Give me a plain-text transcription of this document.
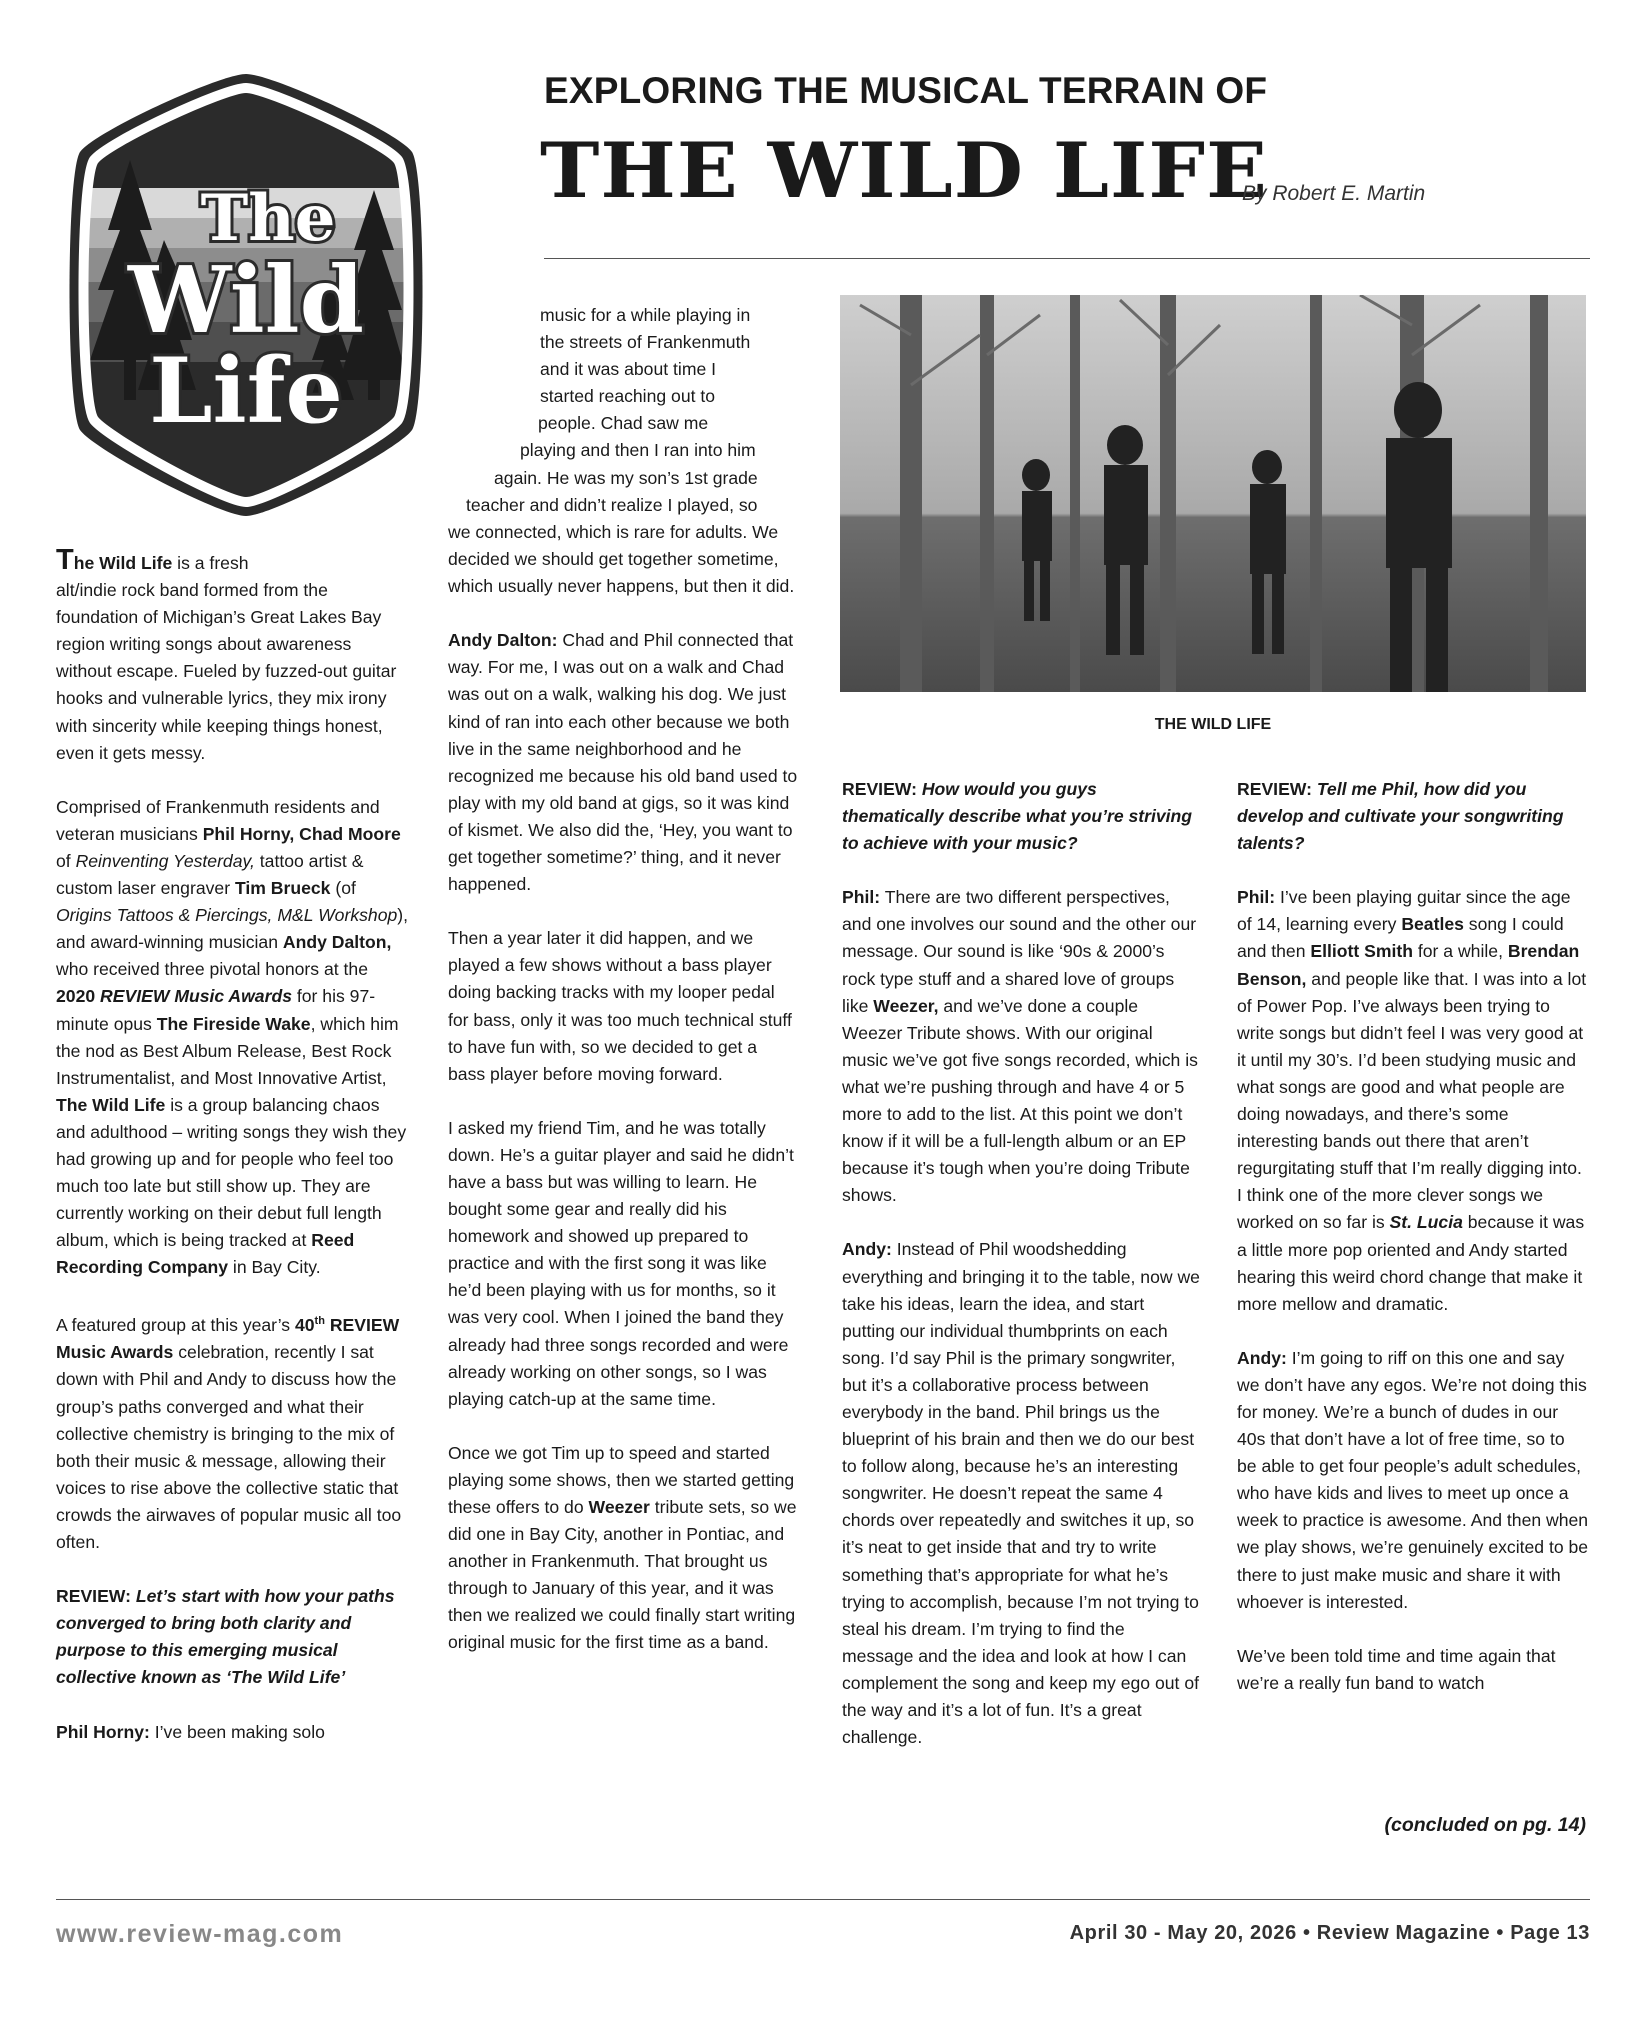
The
Wild
Life
EXPLORING THE MUSICAL TERRAIN OF
THE WILD LIFE
By Robert E. Martin
THE WILD LIFE

The Wild Life is a fresh
alt/indie rock band formed from the foundation of Michigan’s Great Lakes Bay region writing songs about awareness without escape. Fueled by fuzzed-out guitar hooks and vulnerable lyrics, they mix irony with sincerity while keeping things honest, even it gets messy.

Comprised of Frankenmuth residents and veteran musicians Phil Horny, Chad Moore of Reinventing Yesterday, tattoo artist & custom laser engraver Tim Brueck (of Origins Tattoos & Piercings, M&L Workshop), and award-winning musician Andy Dalton, who received three pivotal honors at the 2020 REVIEW Music Awards for his 97-minute opus The Fireside Wake, which him the nod as Best Album Release, Best Rock Instrumentalist, and Most Innovative Artist, The Wild Life is a group balancing chaos and adulthood – writing songs they wish they had growing up and for people who feel too much too late but still show up. They are currently working on their debut full length album, which is being tracked at Reed Recording Company in Bay City.

A featured group at this year’s 40th REVIEW Music Awards celebration, recently I sat down with Phil and Andy to discuss how the group’s paths converged and what their collective chemistry is bringing to the mix of both their music & message, allowing their voices to rise above the collective static that crowds the airwaves of popular music all too often.

REVIEW: Let’s start with how your paths converged to bring both clarity and purpose to this emerging musical collective known as ‘The Wild Life’

Phil Horny: I’ve been making solo

music for a while playing in
the streets of Frankenmuth
and it was about time I
started reaching out to
people. Chad saw me
playing and then I ran into him
again. He was my son’s 1st grade
teacher and didn’t realize I played, so

we connected, which is rare for adults. We decided we should get together sometime, which usually never happens, but then it did.

Andy Dalton: Chad and Phil connected that way. For me, I was out on a walk and Chad was out on a walk, walking his dog. We just kind of ran into each other because we both live in the same neighborhood and he recognized me because his old band used to play with my old band at gigs, so it was kind of kismet. We also did the, ‘Hey, you want to get together sometime?’ thing, and it never happened.

Then a year later it did happen, and we played a few shows without a bass player doing backing tracks with my looper pedal for bass, only it was too much technical stuff to have fun with, so we decided to get a bass player before moving forward.

I asked my friend Tim, and he was totally down. He’s a guitar player and said he didn’t have a bass but was willing to learn. He bought some gear and really did his homework and showed up prepared to practice and with the first song it was like he’d been playing with us for months, so it was very cool. When I joined the band they already had three songs recorded and were already working on other songs, so I was playing catch-up at the same time.

Once we got Tim up to speed and started playing some shows, then we started getting these offers to do Weezer tribute sets, so we did one in Bay City, another in Pontiac, and another in Frankenmuth. That brought us through to January of this year, and it was then we realized we could finally start writing original music for the first time as a band.

REVIEW: How would you guys thematically describe what you’re striving to achieve with your music?

Phil: There are two different perspectives, and one involves our sound and the other our message. Our sound is like ‘90s & 2000’s rock type stuff and a shared love of groups like Weezer, and we’ve done a couple Weezer Tribute shows. With our original music we’ve got five songs recorded, which is what we’re pushing through and have 4 or 5 more to add to the list. At this point we don’t know if it will be a full-length album or an EP because it’s tough when you’re doing Tribute shows.

Andy: Instead of Phil woodshedding everything and bringing it to the table, now we take his ideas, learn the idea, and start putting our individual thumbprints on each song. I’d say Phil is the primary songwriter, but it’s a collaborative process between everybody in the band. Phil brings us the blueprint of his brain and then we do our best to follow along, because he’s an interesting songwriter. He doesn’t repeat the same 4 chords over repeatedly and switches it up, so it’s neat to get inside that and try to write something that’s appropriate for what he’s trying to accomplish, because I’m not trying to steal his dream. I’m trying to find the message and the idea and look at how I can complement the song and keep my ego out of the way and it’s a lot of fun. It’s a great challenge.

REVIEW: Tell me Phil, how did you develop and cultivate your songwriting talents?

Phil: I’ve been playing guitar since the age of 14, learning every Beatles song I could and then Elliott Smith for a while, Brendan Benson, and people like that. I was into a lot of Power Pop. I’ve always been trying to write songs but didn’t feel I was very good at it until my 30’s. I’d been studying music and what songs are good and what people are doing nowadays, and there’s some interesting bands out there that aren’t regurgitating stuff that I’m really digging into. I think one of the more clever songs we worked on so far is St. Lucia because it was a little more pop oriented and Andy started hearing this weird chord change that make it more mellow and dramatic.

Andy: I’m going to riff on this one and say we don’t have any egos. We’re not doing this for money. We’re a bunch of dudes in our 40s that don’t have a lot of free time, so to be able to get four people’s adult schedules, who have kids and lives to meet up once a week to practice is awesome. And then when we play shows, we’re genuinely excited to be there to just make music and share it with whoever is interested.

We’ve been told time and time again that we’re a really fun band to watch

(concluded on pg. 14)
www.review-mag.com	April 30 - May 20, 2026 • Review Magazine • Page 13
